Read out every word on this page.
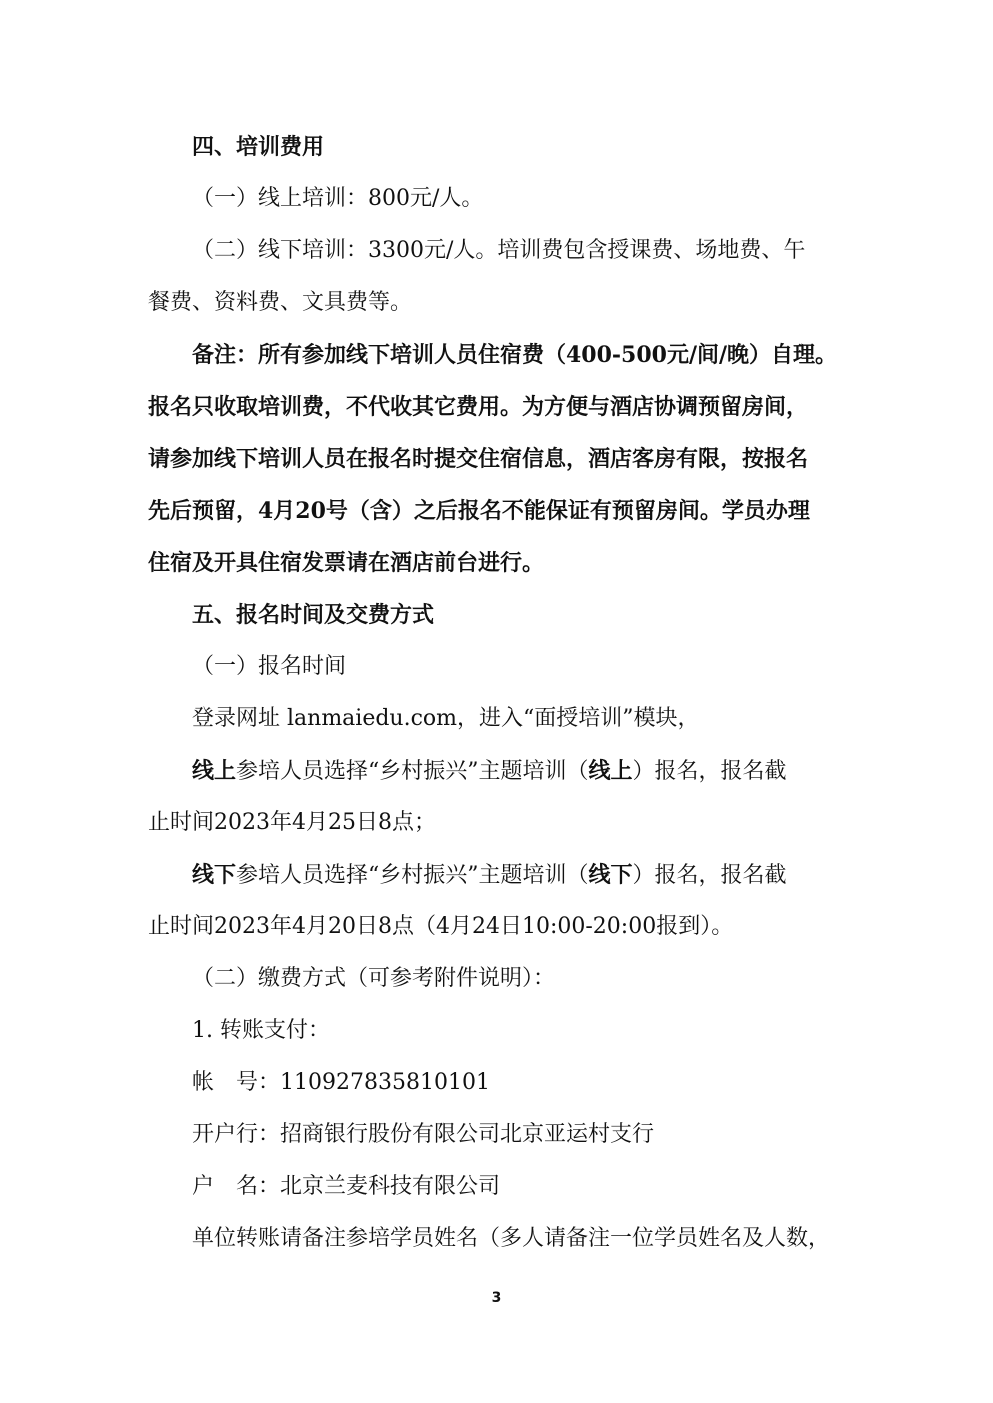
四、培训费用
（一）线上培训：800元/人。
（二）线下培训：3300元/人。培训费包含授课费、场地费、午
餐费、资料费、文具费等。
备注：所有参加线下培训人员住宿费（400-500元/间/晚）自理。
报名只收取培训费，不代收其它费用。为方便与酒店协调预留房间，
请参加线下培训人员在报名时提交住宿信息，酒店客房有限，按报名
先后预留，4月20号（含）之后报名不能保证有预留房间。学员办理
住宿及开具住宿发票请在酒店前台进行。
五、报名时间及交费方式
（一）报名时间
登录网址 lanmaiedu.com，进入“面授培训”模块，
线上参培人员选择“乡村振兴”主题培训（线上）报名，报名截
止时间2023年4月25日8点；
线下参培人员选择“乡村振兴”主题培训（线下）报名，报名截
止时间2023年4月20日8点（4月24日10:00-20:00报到）。
（二）缴费方式（可参考附件说明）：
1. 转账支付：
帐　号：110927835810101
开户行：招商银行股份有限公司北京亚运村支行
户　名：北京兰麦科技有限公司
单位转账请备注参培学员姓名（多人请备注一位学员姓名及人数，
3
